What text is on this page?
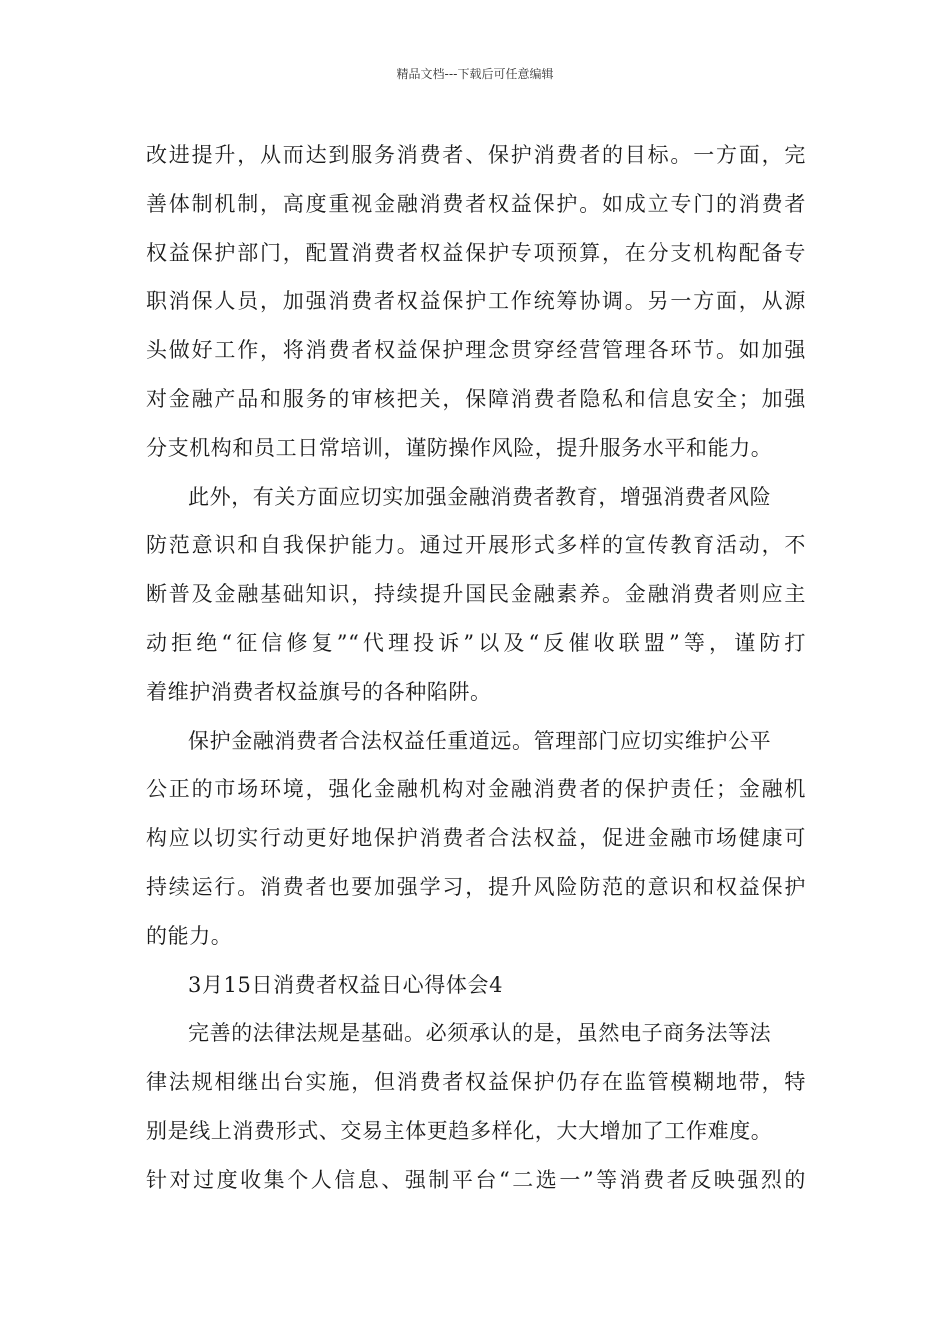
精品文档---下载后可任意编辑
改进提升，从而达到服务消费者、保护消费者的目标。一方面，完
善体制机制，高度重视金融消费者权益保护。如成立专门的消费者
权益保护部门，配置消费者权益保护专项预算，在分支机构配备专
职消保人员，加强消费者权益保护工作统筹协调。另一方面，从源
头做好工作，将消费者权益保护理念贯穿经营管理各环节。如加强
对金融产品和服务的审核把关，保障消费者隐私和信息安全；加强
分支机构和员工日常培训，谨防操作风险，提升服务水平和能力。
此外，有关方面应切实加强金融消费者教育，增强消费者风险
防范意识和自我保护能力。通过开展形式多样的宣传教育活动，不
断普及金融基础知识，持续提升国民金融素养。金融消费者则应主
动拒绝“征信修复”“代理投诉”以及“反催收联盟”等，谨防打
着维护消费者权益旗号的各种陷阱。
保护金融消费者合法权益任重道远。管理部门应切实维护公平
公正的市场环境，强化金融机构对金融消费者的保护责任；金融机
构应以切实行动更好地保护消费者合法权益，促进金融市场健康可
持续运行。消费者也要加强学习，提升风险防范的意识和权益保护
的能力。
3月15日消费者权益日心得体会4
完善的法律法规是基础。必须承认的是，虽然电子商务法等法
律法规相继出台实施，但消费者权益保护仍存在监管模糊地带，特
别是线上消费形式、交易主体更趋多样化，大大增加了工作难度。
针对过度收集个人信息、强制平台“二选一”等消费者反映强烈的
